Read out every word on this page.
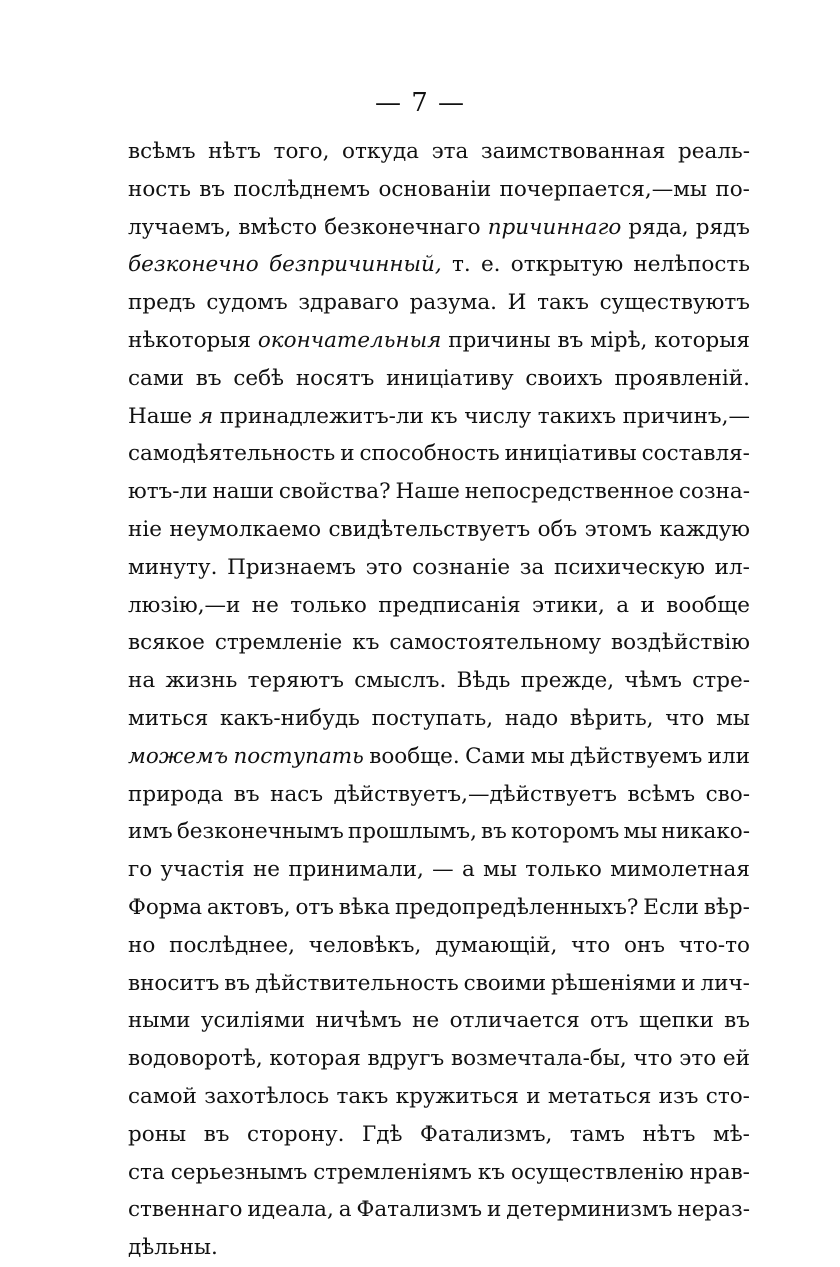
— 7 —
всѣмъ нѣтъ того, откуда эта заимствованная реаль-
ность въ послѣднемъ основаніи почерпается,—мы по-
лучаемъ, вмѣсто безконечнаго причиннаго ряда, рядъ
безконечно безпричинный, т. е. открытую нелѣпость
предъ судомъ здраваго разума. И такъ существуютъ
нѣкоторыя окончательныя причины въ мірѣ, которыя
сами въ себѣ носятъ иниціативу своихъ проявленій.
Наше я принадлежитъ-ли къ числу такихъ причинъ,—
самодѣятельность и способность иниціативы составля-
ютъ-ли наши свойства? Наше непосредственное созна-
ніе неумолкаемо свидѣтельствуетъ объ этомъ каждую
минуту. Признаемъ это сознаніе за психическую ил-
люзію,—и не только предписанія этики, а и вообще
всякое стремленіе къ самостоятельному воздѣйствію
на жизнь теряютъ смыслъ. Вѣдь прежде, чѣмъ стре-
миться какъ-нибудь поступать, надо вѣрить, что мы
можемъ поступать вообще. Сами мы дѣйствуемъ или
природа въ насъ дѣйствуетъ,—дѣйствуетъ всѣмъ сво-
имъ безконечнымъ прошлымъ, въ которомъ мы никако-
го участія не принимали, — а мы только мимолетная
Форма актовъ, отъ вѣка предопредѣленныхъ? Если вѣр-
но послѣднее, человѣкъ, думающій, что онъ что-то
вноситъ въ дѣйствительность своими рѣшеніями и лич-
ными усиліями ничѣмъ не отличается отъ щепки въ
водоворотѣ, которая вдругъ возмечтала-бы, что это ей
самой захотѣлось такъ кружиться и метаться изъ сто-
роны въ сторону. Гдѣ Фатализмъ, тамъ нѣтъ мѣ-
ста серьезнымъ стремленіямъ къ осуществленію нрав-
ственнаго идеала, а Фатализмъ и детерминизмъ нераз-
дѣльны.
